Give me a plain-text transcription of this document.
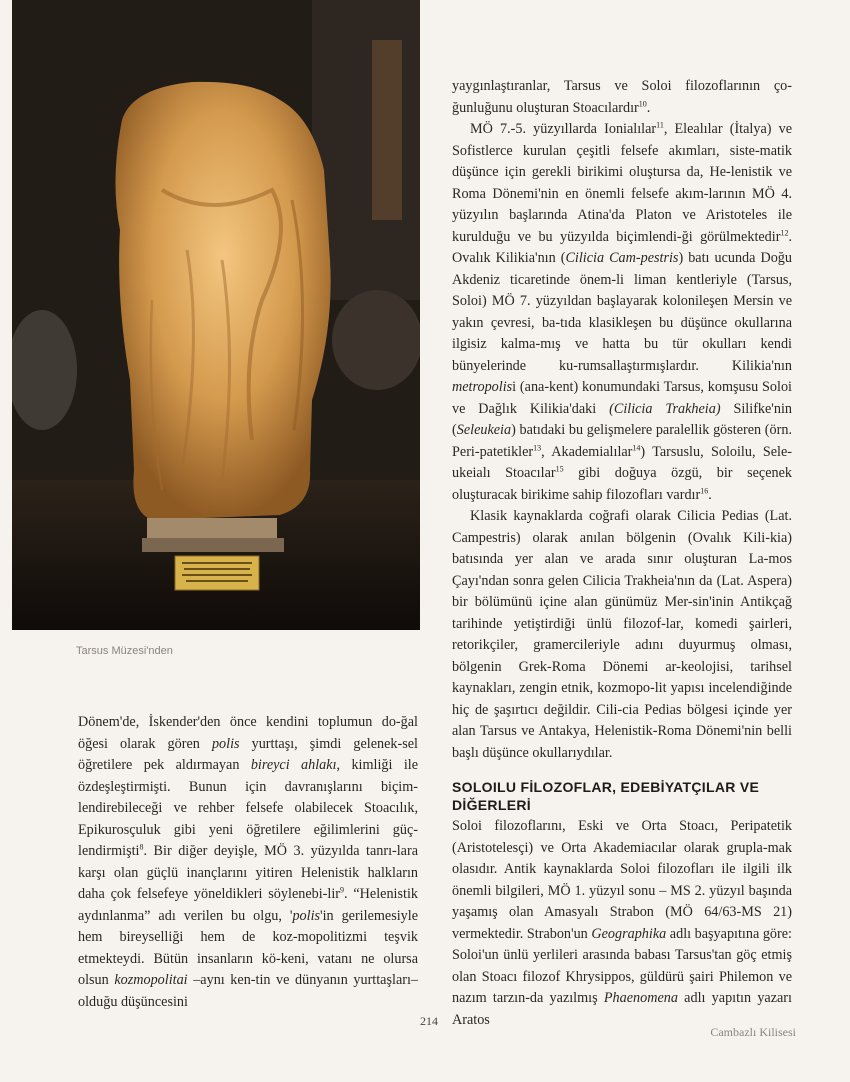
Tarsus Müzesi'nden

Dönem'de, İskender'den önce kendini toplumun do-ğal öğesi olarak gören polis yurttaşı, şimdi gelenek-sel öğretilere pek aldırmayan bireyci ahlakı, kimliği ile özdeşleştirmişti. Bunun için davranışlarını biçim-lendirebileceği ve rehber felsefe olabilecek Stoacılık, Epikurosçuluk gibi yeni öğretilere eğilimlerini güç-lendirmişti$^8$. Bir diğer deyişle, MÖ 3. yüzyılda tanrı-lara karşı olan güçlü inançlarını yitiren Helenistik halkların daha çok felsefeye yöneldikleri söylenebi-lir$^9$. “Helenistik aydınlanma” adı verilen bu olgu, 'polis'in gerilemesiyle hem bireyselliği hem de koz-mopolitizmi teşvik etmekteydi. Bütün insanların kö-keni, vatanı ne olursa olsun kozmopolitai –aynı ken-tin ve dünyanın yurttaşları– olduğu düşüncesini

yaygınlaştıranlar, Tarsus ve Soloi filozoflarının ço-ğunluğunu oluşturan Stoacılardır$^{10}$.

MÖ 7.-5. yüzyıllarda Ionialılar$^{11}$, Elealılar (İtalya) ve Sofistlerce kurulan çeşitli felsefe akımları, siste-matik düşünce için gerekli birikimi oluştursa da, He-lenistik ve Roma Dönemi'nin en önemli felsefe akım-larının MÖ 4. yüzyılın başlarında Atina'da Platon ve Aristoteles ile kurulduğu ve bu yüzyılda biçimlendi-ği görülmektedir$^{12}$. Ovalık Kilikia'nın (Cilicia Cam-pestris) batı ucunda Doğu Akdeniz ticaretinde önem-li liman kentleriyle (Tarsus, Soloi) MÖ 7. yüzyıldan başlayarak kolonileşen Mersin ve yakın çevresi, ba-tıda klasikleşen bu düşünce okullarına ilgisiz kalma-mış ve hatta bu tür okulları kendi bünyelerinde ku-rumsallaştırmışlardır. Kilikia'nın metropolisi (ana-kent) konumundaki Tarsus, komşusu Soloi ve Dağlık Kilikia'daki (Cilicia Trakheia) Silifke'nin (Seleukeia) batıdaki bu gelişmelere paralellik gösteren (örn. Peri-patetikler$^{13}$, Akademialılar$^{14}$) Tarsuslu, Soloilu, Sele-ukeialı Stoacılar$^{15}$ gibi doğuya özgü, bir seçenek oluşturacak birikime sahip filozofları vardır$^{16}$.

Klasik kaynaklarda coğrafi olarak Cilicia Pedias (Lat. Campestris) olarak anılan bölgenin (Ovalık Kili-kia) batısında yer alan ve arada sınır oluşturan La-mos Çayı'ndan sonra gelen Cilicia Trakheia'nın da (Lat. Aspera) bir bölümünü içine alan günümüz Mer-sin'inin Antikçağ tarihinde yetiştirdiği ünlü filozof-lar, komedi şairleri, retorikçiler, gramercileriyle adını duyurmuş olması, bölgenin Grek-Roma Dönemi ar-keolojisi, tarihsel kaynakları, zengin etnik, kozmopo-lit yapısı incelendiğinde hiç de şaşırtıcı değildir. Cili-cia Pedias bölgesi içinde yer alan Tarsus ve Antakya, Helenistik-Roma Dönemi'nin belli başlı düşünce okullarıydılar.

SOLOILU FİLOZOFLAR, EDEBİYATÇILAR VE DİĞERLERİ

Soloi filozoflarını, Eski ve Orta Stoacı, Peripatetik (Aristotelesçi) ve Orta Akademiacılar olarak grupla-mak olasıdır. Antik kaynaklarda Soloi filozofları ile ilgili ilk önemli bilgileri, MÖ 1. yüzyıl sonu – MS 2. yüzyıl başında yaşamış olan Amasyalı Strabon (MÖ 64/63-MS 21) vermektedir. Strabon'un Geographika adlı başyapıtına göre: Soloi'un ünlü yerlileri arasında babası Tarsus'tan göç etmiş olan Stoacı filozof Khrysippos, güldürü şairi Philemon ve nazım tarzın-da yazılmış Phaenomena adlı yapıtın yazarı Aratos

214
Cambazlı Kilisesi
